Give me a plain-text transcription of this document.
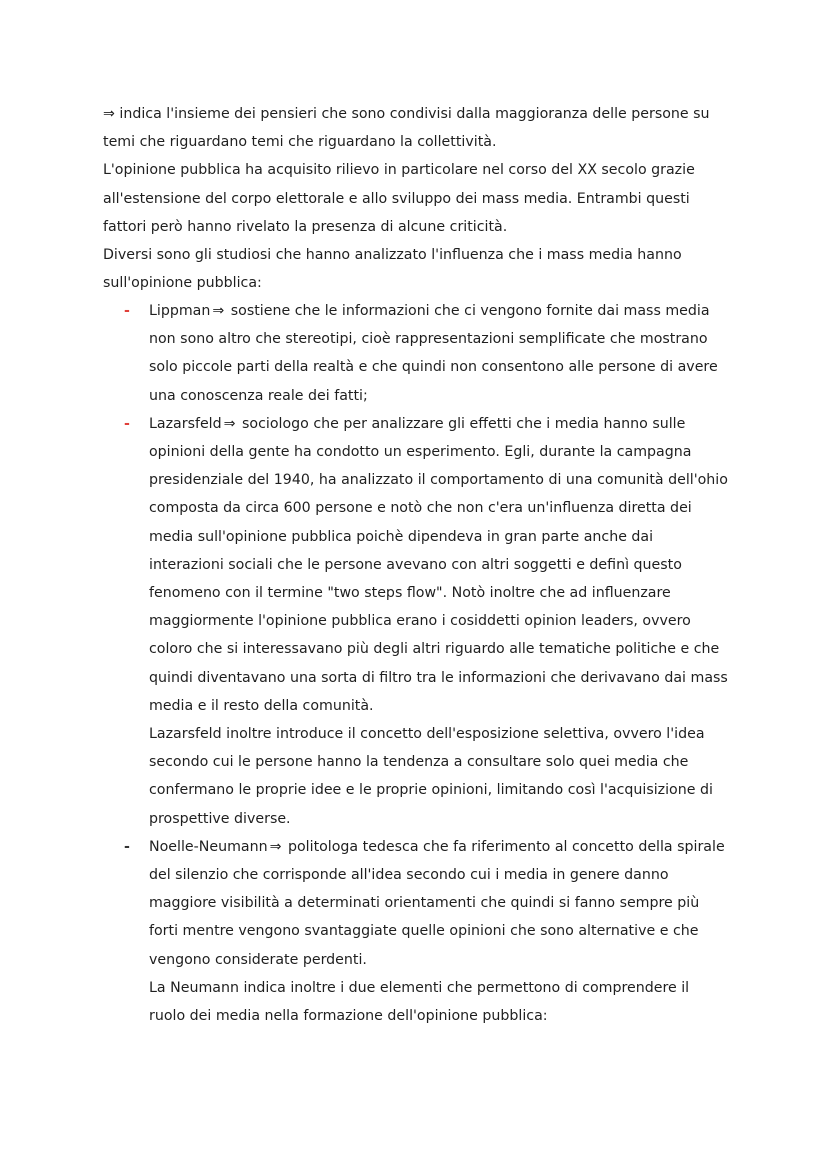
⇒ indica l'insieme dei pensieri che sono condivisi dalla maggioranza delle persone su temi che riguardano temi che riguardano la collettività.

L'opinione pubblica ha acquisito rilievo in particolare nel corso del XX secolo grazie all'estensione del corpo elettorale e allo sviluppo dei mass media. Entrambi questi fattori però hanno rivelato la presenza di alcune criticità.

Diversi sono gli studiosi che hanno analizzato l'influenza che i mass media hanno sull'opinione pubblica:

- Lippman ⇒ sostiene che le informazioni che ci vengono fornite dai mass media non sono altro che stereotipi, cioè rappresentazioni semplificate che mostrano solo piccole parti della realtà e che quindi non consentono alle persone di avere una conoscenza reale dei fatti;

- Lazarsfeld ⇒ sociologo che per analizzare gli effetti che i media hanno sulle opinioni della gente ha condotto un esperimento. Egli, durante la campagna presidenziale del 1940, ha analizzato il comportamento di una comunità dell'ohio composta da circa 600 persone e notò che non c'era un'influenza diretta dei media sull'opinione pubblica poichè dipendeva in gran parte anche dai interazioni sociali che le persone avevano con altri soggetti e definì questo fenomeno con il termine "two steps flow". Notò inoltre che ad influenzare maggiormente l'opinione pubblica erano i cosiddetti opinion leaders, ovvero coloro che si interessavano più degli altri riguardo alle tematiche politiche e che quindi diventavano una sorta di filtro tra le informazioni che derivavano dai mass media e il resto della comunità.

Lazarsfeld inoltre introduce il concetto dell'esposizione selettiva, ovvero l'idea secondo cui le persone hanno la tendenza a consultare solo quei media che confermano le proprie idee e le proprie opinioni, limitando così l'acquisizione di prospettive diverse.

- Noelle-Neumann ⇒ politologa tedesca che fa riferimento al concetto della spirale del silenzio che corrisponde all'idea secondo cui i media in genere danno maggiore visibilità a determinati orientamenti che quindi si fanno sempre più forti mentre vengono svantaggiate quelle opinioni che sono alternative e che vengono considerate perdenti.

La Neumann indica inoltre i due elementi che permettono di comprendere il ruolo dei media nella formazione dell'opinione pubblica:
